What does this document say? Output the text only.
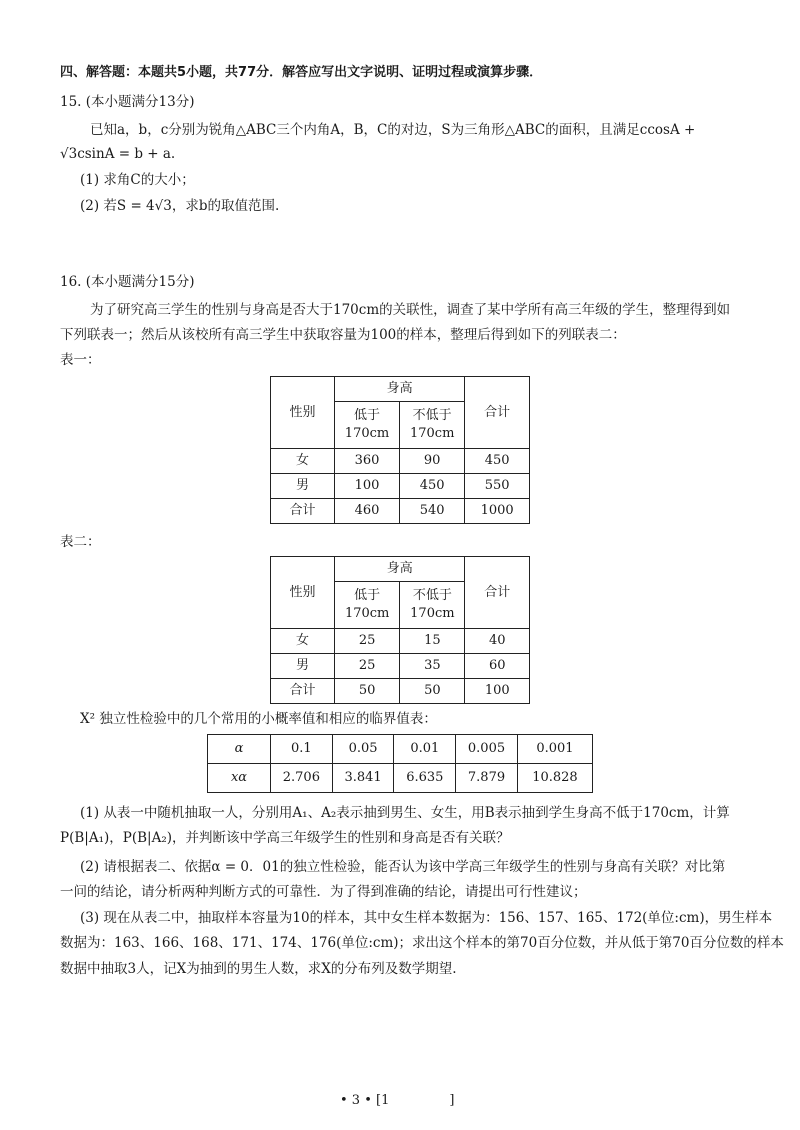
四、解答题：本题共5小题，共77分．解答应写出文字说明、证明过程或演算步骤．
15. (本小题满分13分)
已知a，b，c分别为锐角△ABC三个内角A，B，C的对边，S为三角形△ABC的面积，且满足ccosA +
√3csinA = b + a.
(1) 求角C的大小；
(2) 若S = 4√3，求b的取值范围.
16. (本小题满分15分)
为了研究高三学生的性别与身高是否大于170cm的关联性，调查了某中学所有高三年级的学生，整理得到如
下列联表一；然后从该校所有高三学生中获取容量为100的样本，整理后得到如下的列联表二：
表一：
性别	身高		合计
	低于170cm	不低于170cm	
女	360	90	450
男	100	450	550
合计	460	540	1000
表二：
性别	身高		合计
	低于170cm	不低于170cm	
女	25	15	40
男	25	35	60
合计	50	50	100
X² 独立性检验中的几个常用的小概率值和相应的临界值表：
α	0.1	0.05	0.01	0.005	0.001
xα	2.706	3.841	6.635	7.879	10.828
(1) 从表一中随机抽取一人，分别用A₁、A₂表示抽到男生、女生，用B表示抽到学生身高不低于170cm，计算
P(B|A₁)，P(B|A₂)，并判断该中学高三年级学生的性别和身高是否有关联？
(2) 请根据表二、依据α = 0．01的独立性检验，能否认为该中学高三年级学生的性别与身高有关联？对比第
一问的结论，请分析两种判断方式的可靠性．为了得到准确的结论，请提出可行性建议；
(3) 现在从表二中，抽取样本容量为10的样本，其中女生样本数据为：156、157、165、172(单位:cm)，男生样本
数据为：163、166、168、171、174、176(单位:cm)；求出这个样本的第70百分位数，并从低于第70百分位数的样本
数据中抽取3人，记X为抽到的男生人数，求X的分布列及数学期望.
• 3 • [1	]
